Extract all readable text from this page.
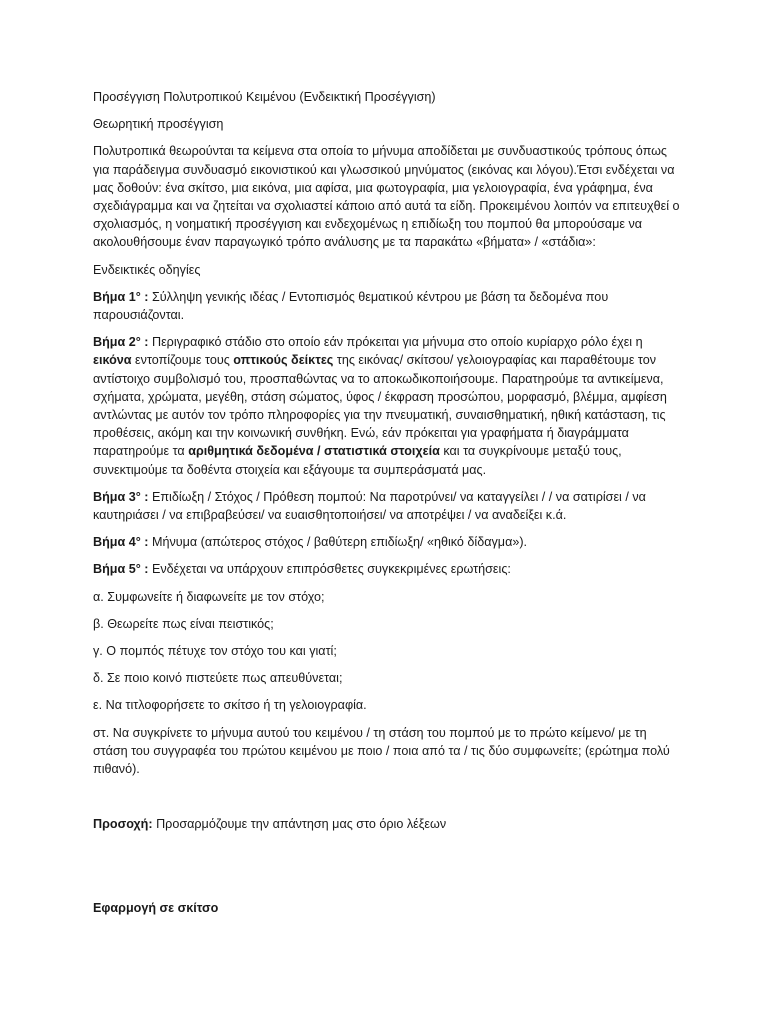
Προσέγγιση Πολυτροπικού Κειμένου (Ενδεικτική Προσέγγιση)

Θεωρητική προσέγγιση

Πολυτροπικά θεωρούνται τα κείμενα στα οποία το μήνυμα αποδίδεται με συνδυαστικούς τρόπους όπως για παράδειγμα συνδυασμό εικονιστικού και γλωσσικού μηνύματος (εικόνας και λόγου).Έτσι ενδέχεται να μας δοθούν: ένα σκίτσο, μια εικόνα, μια αφίσα, μια φωτογραφία, μια γελοιογραφία, ένα γράφημα, ένα σχεδιάγραμμα και να ζητείται να σχολιαστεί κάποιο από αυτά τα είδη. Προκειμένου λοιπόν να επιτευχθεί ο σχολιασμός, η νοηματική προσέγγιση και ενδεχομένως η επιδίωξη του πομπού θα μπορούσαμε να ακολουθήσουμε έναν παραγωγικό τρόπο ανάλυσης με τα παρακάτω «βήματα» / «στάδια»:

Ενδεικτικές οδηγίες

Βήμα 1° : Σύλληψη γενικής ιδέας / Εντοπισμός θεματικού κέντρου με βάση τα δεδομένα που παρουσιάζονται.

Βήμα 2° : Περιγραφικό στάδιο στο οποίο εάν πρόκειται για μήνυμα στο οποίο κυρίαρχο ρόλο έχει η εικόνα εντοπίζουμε τους οπτικούς δείκτες της εικόνας/ σκίτσου/ γελοιογραφίας και παραθέτουμε τον αντίστοιχο συμβολισμό του, προσπαθώντας να το αποκωδικοποιήσουμε. Παρατηρούμε τα αντικείμενα, σχήματα, χρώματα, μεγέθη, στάση σώματος, ύφος / έκφραση προσώπου, μορφασμό, βλέμμα, αμφίεση αντλώντας με αυτόν τον τρόπο πληροφορίες για την πνευματική, συναισθηματική, ηθική κατάσταση, τις προθέσεις, ακόμη και την κοινωνική συνθήκη. Ενώ, εάν πρόκειται για γραφήματα ή διαγράμματα παρατηρούμε τα αριθμητικά δεδομένα / στατιστικά στοιχεία και τα συγκρίνουμε μεταξύ τους, συνεκτιμούμε τα δοθέντα στοιχεία και εξάγουμε τα συμπεράσματά μας.

Βήμα 3° : Επιδίωξη / Στόχος / Πρόθεση πομπού: Να παροτρύνει/ να καταγγείλει / / να σατιρίσει / να καυτηριάσει / να επιβραβεύσει/ να ευαισθητοποιήσει/ να αποτρέψει / να αναδείξει κ.ά.

Βήμα 4° : Μήνυμα (απώτερος στόχος / βαθύτερη επιδίωξη/ «ηθικό δίδαγμα»).

Βήμα 5° : Ενδέχεται να υπάρχουν επιπρόσθετες συγκεκριμένες ερωτήσεις:

α. Συμφωνείτε ή διαφωνείτε με τον στόχο;

β. Θεωρείτε πως είναι πειστικός;

γ. Ο πομπός πέτυχε τον στόχο του και γιατί;

δ. Σε ποιο κοινό πιστεύετε πως απευθύνεται;

ε. Να τιτλοφορήσετε το σκίτσο ή τη γελοιογραφία.

στ. Να συγκρίνετε το μήνυμα αυτού του κειμένου / τη στάση του πομπού με το πρώτο κείμενο/ με τη στάση του συγγραφέα του πρώτου κειμένου με ποιο / ποια από τα / τις δύο συμφωνείτε; (ερώτημα πολύ πιθανό).

Προσοχή: Προσαρμόζουμε την απάντηση μας στο όριο λέξεων

Εφαρμογή σε σκίτσο
